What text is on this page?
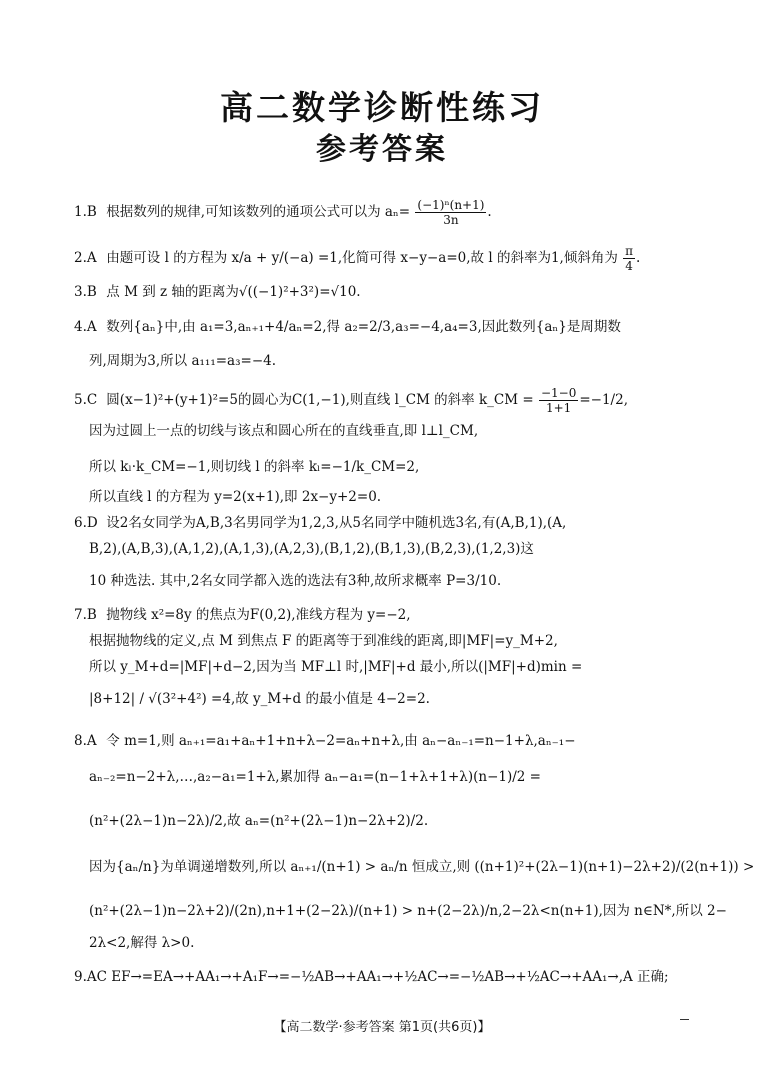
高二数学诊断性练习
参考答案
1.B 根据数列的规律,可知该数列的通项公式可以为 $a_n= \frac{\text{(−1)ⁿ(n+1)}}{3n}$ .
2.A 由题可设 l 的方程为 x/a + y/(−a) =1,化简可得 x−y−a=0,故 l 的斜率为1,倾斜角为 $\frac{\pi}{4}$ .
3.B 点 M 到 z 轴的距离为√((−1)²+3²)=√10.
4.A 数列{aₙ}中,由 a₁=3,aₙ₊₁+4/aₙ=2,得 a₂=2/3,a₃=−4,a₄=3,因此数列{aₙ}是周期数
列,周期为3,所以 a₁₁₁=a₃=−4.
5.C 圆(x−1)²+(y+1)²=5的圆心为C(1,−1),则直线 l_CM 的斜率 k_CM = $\frac{-1-0}{1+1} =-1/2$,
因为过圆上一点的切线与该点和圆心所在的直线垂直,即 l⊥l_CM,
所以 kₗ·k_CM=−1,则切线 l 的斜率 kₗ=−1/k_CM=2,
所以直线 l 的方程为 y=2(x+1),即 2x−y+2=0.
6.D 设2名女同学为A,B,3名男同学为1,2,3,从5名同学中随机选3名,有(A,B,1),(A,
B,2),(A,B,3),(A,1,2),(A,1,3),(A,2,3),(B,1,2),(B,1,3),(B,2,3),(1,2,3)这
10 种选法. 其中,2名女同学都入选的选法有3种,故所求概率 P=3/10.
7.B 抛物线 x²=8y 的焦点为F(0,2),准线方程为 y=−2,
根据抛物线的定义,点 M 到焦点 F 的距离等于到准线的距离,即|MF|=y_M+2,
所以 y_M+d=|MF|+d−2,因为当 MF⊥l 时,|MF|+d 最小,所以(|MF|+d)min =
|8+12| / √(3²+4²) =4,故 y_M+d 的最小值是 4−2=2.
8.A 令 m=1,则 aₙ₊₁=a₁+aₙ+1+n+λ−2=aₙ+n+λ,由 aₙ−aₙ₋₁=n−1+λ,aₙ₋₁−
aₙ₋₂=n−2+λ,…,a₂−a₁=1+λ,累加得 aₙ−a₁=(n−1+λ+1+λ)(n−1)/2 =
(n²+(2λ−1)n−2λ)/2,故 aₙ=(n²+(2λ−1)n−2λ+2)/2.
因为{aₙ/n}为单调递增数列,所以 aₙ₊₁/(n+1) > aₙ/n 恒成立,则 ((n+1)²+(2λ−1)(n+1)−2λ+2)/(2(n+1)) >
(n²+(2λ−1)n−2λ+2)/(2n),n+1+(2−2λ)/(n+1) > n+(2−2λ)/n,2−2λ<n(n+1),因为 n∈N*,所以 2−
2λ<2,解得 λ>0.
9.AC EF→=EA→+AA₁→+A₁F→=−½AB→+AA₁→+½AC→=−½AB→+½AC→+AA₁→,A 正确;
【高二数学·参考答案 第1页(共6页)】
